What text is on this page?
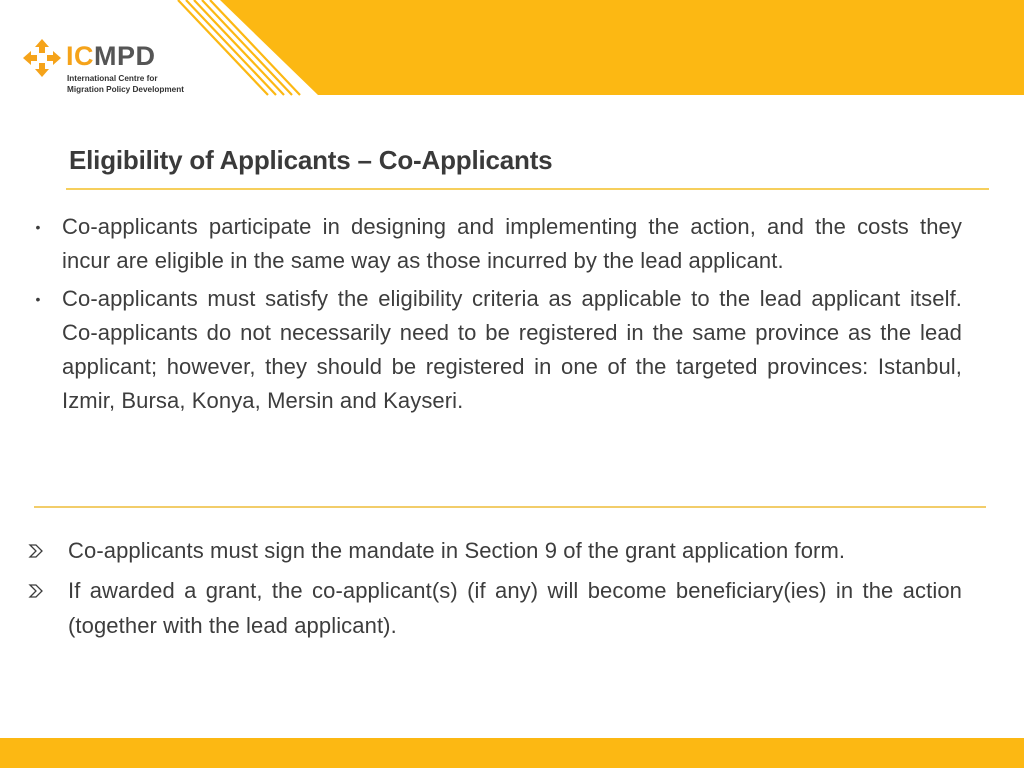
ICMPD
International Centre for
Migration Policy Development
Eligibility of Applicants – Co-Applicants
• Co-applicants participate in designing and implementing the action, and the costs they incur are eligible in the same way as those incurred by the lead applicant.
• Co-applicants must satisfy the eligibility criteria as applicable to the lead applicant itself. Co-applicants do not necessarily need to be registered in the same province as the lead applicant; however, they should be registered in one of the targeted provinces: Istanbul, Izmir, Bursa, Konya, Mersin and Kayseri.
Co-applicants must sign the mandate in Section 9 of the grant application form.
If awarded a grant, the co-applicant(s) (if any) will become beneficiary(ies) in the action (together with the lead applicant).
